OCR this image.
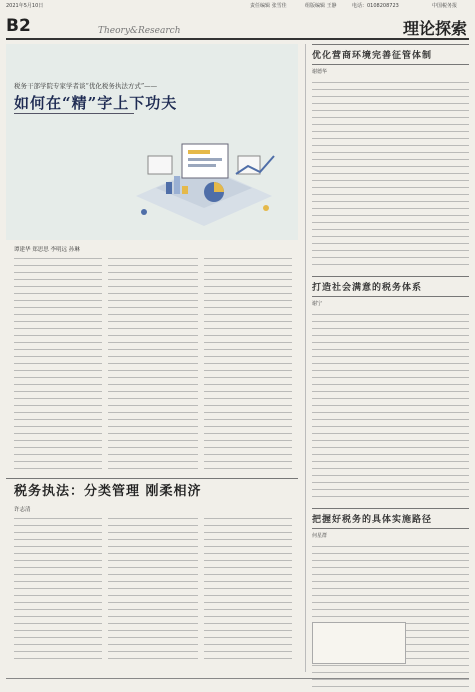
2021年5月10日	责任编辑 张雪佳	组版编辑 王静	电话：0108208723	中国税务报
B2	Theory&Research	理论探索
税务干部学院专家学者谈“优化税务执法方式”——
如何在“精”字上下功夫
谭建华 郑思思 李明远 孙琳
税务执法：分类管理 刚柔相济
许志清
优化营商环境完善征管体制
谢德华
打造社会满意的税务体系
谢宁
把握好税务的具体实施路径
何星群
